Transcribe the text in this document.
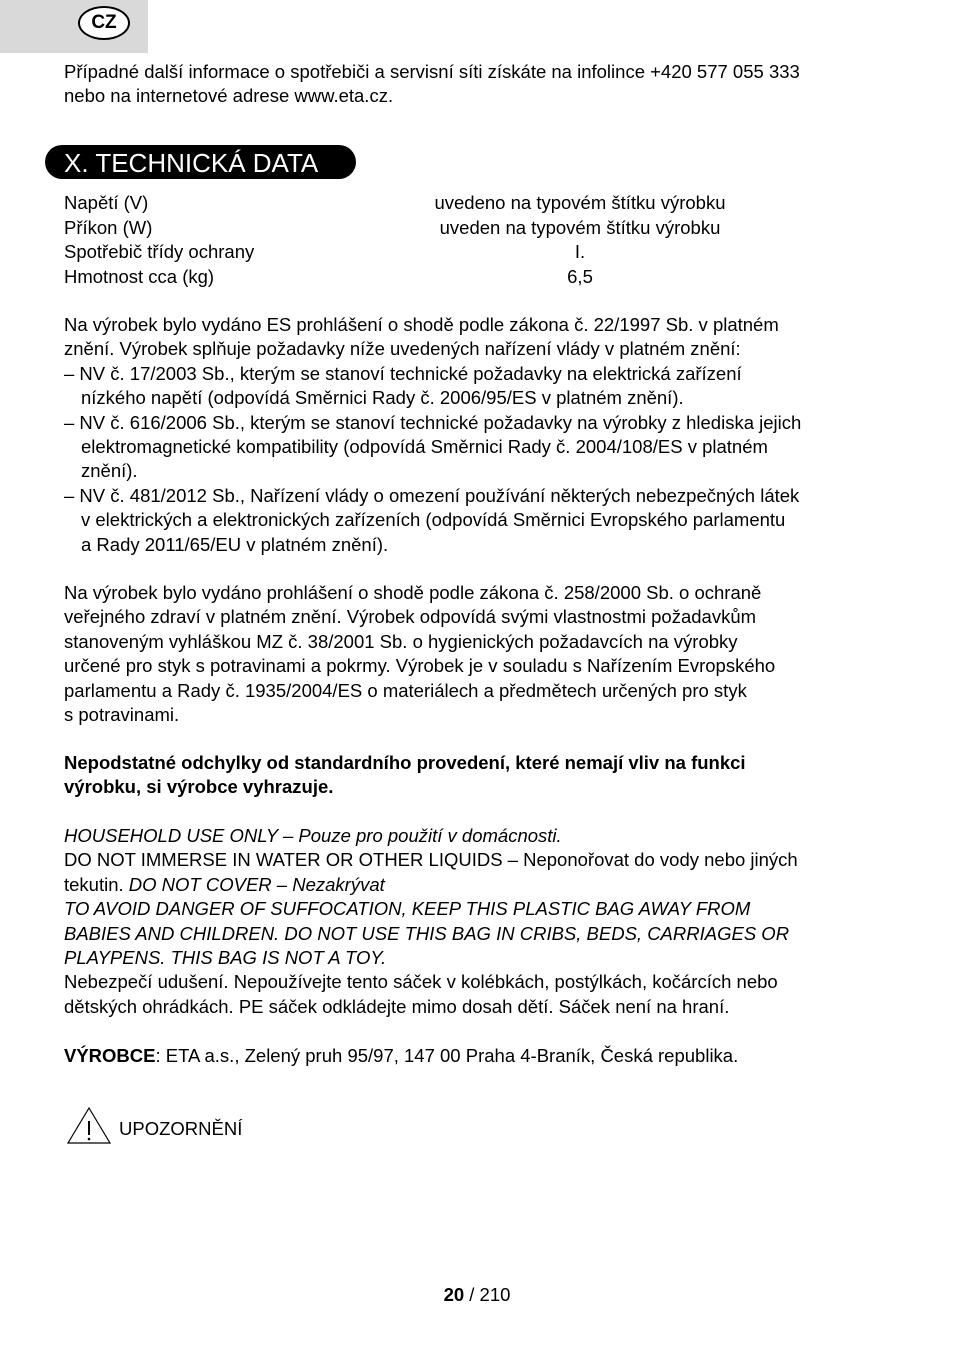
CZ

Případné další informace o spotřebiči a servisní síti získáte na infolince +420 577 055 333

nebo na internetové adrese www.eta.cz.

X. TECHNICKÁ DATA
Napětí (V)	uvedeno na typovém štítku výrobku
Příkon (W)	uveden na typovém štítku výrobku
Spotřebič třídy ochrany	I.
Hmotnost cca (kg)	6,5

Na výrobek bylo vydáno ES prohlášení o shodě podle zákona č. 22/1997 Sb. v platném

znění. Výrobek splňuje požadavky níže uvedených nařízení vlády v platném znění:

– NV č. 17/2003 Sb., kterým se stanoví technické požadavky na elektrická zařízení

nízkého napětí (odpovídá Směrnici Rady č. 2006/95/ES v platném znění).

– NV č. 616/2006 Sb., kterým se stanoví technické požadavky na výrobky z hlediska jejich

elektromagnetické kompatibility (odpovídá Směrnici Rady č. 2004/108/ES v platném

znění).

– NV č. 481/2012 Sb., Nařízení vlády o omezení používání některých nebezpečných látek

v elektrických a elektronických zařízeních (odpovídá Směrnici Evropského parlamentu

a Rady 2011/65/EU v platném znění).

Na výrobek bylo vydáno prohlášení o shodě podle zákona č. 258/2000 Sb. o ochraně

veřejného zdraví v platném znění. Výrobek odpovídá svými vlastnostmi požadavkům

stanoveným vyhláškou MZ č. 38/2001 Sb. o hygienických požadavcích na výrobky

určené pro styk s potravinami a pokrmy. Výrobek je v souladu s Nařízením Evropského

parlamentu a Rady č. 1935/2004/ES o materiálech a předmětech určených pro styk

s potravinami.

Nepodstatné odchylky od standardního provedení, které nemají vliv na funkci

výrobku, si výrobce vyhrazuje.

HOUSEHOLD USE ONLY – Pouze pro použití v domácnosti.

DO NOT IMMERSE IN WATER OR OTHER LIQUIDS – Neponořovat do vody nebo jiných

tekutin. DO NOT COVER – Nezakrývat

TO AVOID DANGER OF SUFFOCATION, KEEP THIS PLASTIC BAG AWAY FROM

BABIES AND CHILDREN. DO NOT USE THIS BAG IN CRIBS, BEDS, CARRIAGES OR

PLAYPENS. THIS BAG IS NOT A TOY.

Nebezpečí udušení. Nepoužívejte tento sáček v kolébkách, postýlkách, kočárcích nebo

dětských ohrádkách. PE sáček odkládejte mimo dosah dětí. Sáček není na hraní.

VÝROBCE: ETA a.s., Zelený pruh 95/97, 147 00 Praha 4-Braník, Česká republika.

UPOZORNĚNÍ
20 / 210
